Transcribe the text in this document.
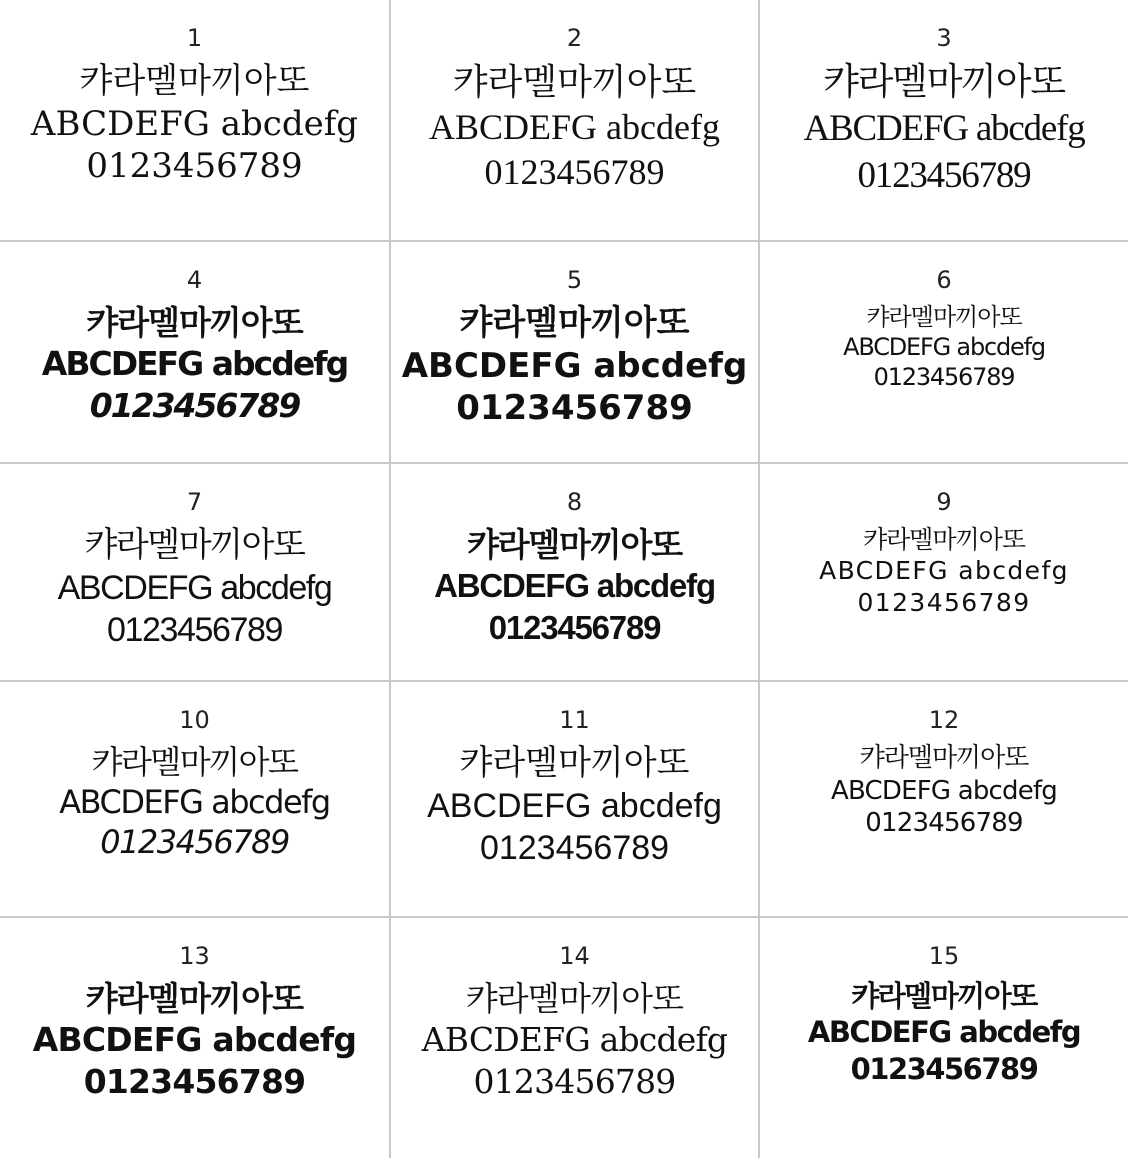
1
캬라멜마끼아또
ABCDEFG abcdefg
0123456789
2
캬라멜마끼아또
ABCDEFG abcdefg
0123456789
3
캬라멜마끼아또
ABCDEFG abcdefg
0123456789
4
캬라멜마끼아또
ABCDEFG abcdefg
0123456789
5
캬라멜마끼아또
ABCDEFG abcdefg
0123456789
6
캬라멜마끼아또
ABCDEFG abcdefg
0123456789
7
캬라멜마끼아또
ABCDEFG abcdefg
0123456789
8
캬라멜마끼아또
ABCDEFG abcdefg
0123456789
9
캬라멜마끼아또
ABCDEFG abcdefg
0123456789
10
캬라멜마끼아또
ABCDEFG abcdefg
0123456789
11
캬라멜마끼아또
ABCDEFG abcdefg
0123456789
12
캬라멜마끼아또
ABCDEFG abcdefg
0123456789
13
캬라멜마끼아또
ABCDEFG abcdefg
0123456789
14
캬라멜마끼아또
ABCDEFG abcdefg
0123456789
15
캬라멜마끼아또
ABCDEFG abcdefg
0123456789
